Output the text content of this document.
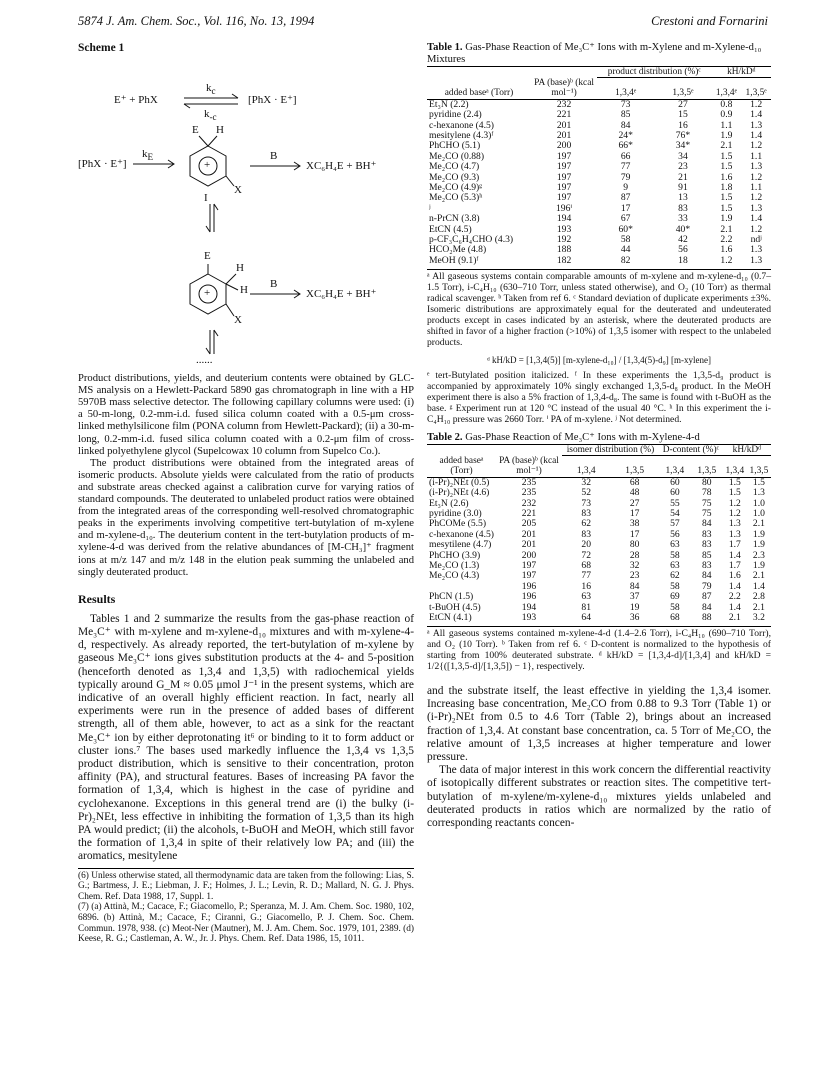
5874 J. Am. Chem. Soc., Vol. 116, No. 13, 1994	Crestoni and Fornarini
Scheme 1
E⁺ + PhX
$k_c$
$k_{-c}$
[PhX · E⁺]
[PhX · E⁺]
$k_E$
E H
+
X
B
XC₆H₄E + BH⁺
I
E
H
H
+
X
B
XC₆H₄E + BH⁺
......

Product distributions, yields, and deuterium contents were obtained by GLC-MS analysis on a Hewlett-Packard 5890 gas chromatograph in line with a HP 5970B mass selective detector. The following capillary columns were used: (i) a 50-m-long, 0.2-mm-i.d. fused silica column coated with a 0.5-μm cross-linked methylsilicone film (PONA column from Hewlett-Packard); (ii) a 30-m-long, 0.2-mm-i.d. fused silica column coated with a 0.2-μm film of cross-linked polyethylene glycol (Supelcowax 10 column from Supelco Co.).

The product distributions were obtained from the integrated areas of isomeric products. Absolute yields were calculated from the ratio of products and substrate areas checked against a calibration curve for varying ratios of standard compounds. The deuterated to unlabeled product ratios were obtained from the integrated areas of the corresponding well-resolved chromatographic peaks in the experiments involving competitive tert-butylation of m-xylene and m-xylene-d₁₀. The deuterium content in the tert-butylation products of m-xylene-4-d was derived from the relative abundances of [M-CH₃]⁺ fragment ions at m/z 147 and m/z 148 in the elution peak summing the unlabeled and singly deuterated product.

Results

Tables 1 and 2 summarize the results from the gas-phase reaction of Me₃C⁺ with m-xylene and m-xylene-d₁₀ mixtures and with m-xylene-4-d, respectively. As already reported, the tert-butylation of m-xylene by gaseous Me₃C⁺ ions gives substitution products at the 4- and 5-position (henceforth denoted as 1,3,4 and 1,3,5) with radiochemical yields typically around G_M ≈ 0.05 μmol J⁻¹ in the present systems, which are indicative of an overall highly efficient reaction. In fact, nearly all experiments were run in the presence of added bases of different strength, all of them able, however, to act as a sink for the reactant Me₃C⁺ ion by either deprotonating it⁶ or binding to it to form adduct or cluster ions.⁷ The bases used markedly influence the 1,3,4 vs 1,3,5 product distribution, which is sensitive to their concentration, proton affinity (PA), and structural features. Bases of increasing PA favor the formation of 1,3,4, which is highest in the case of pyridine and cyclohexanone. Exceptions in this general trend are (i) the bulky (i-Pr)₂NEt, less effective in inhibiting the formation of 1,3,5 than its high PA would predict; (ii) the alcohols, t-BuOH and MeOH, which still favor the formation of 1,3,4 in spite of their relatively low PA; and (iii) the aromatics, mesitylene

(6) Unless otherwise stated, all thermodynamic data are taken from the following: Lias, S. G.; Bartmess, J. E.; Liebman, J. F.; Holmes, J. L.; Levin, R. D.; Mallard, N. G. J. Phys. Chem. Ref. Data 1988, 17, Suppl. 1.

(7) (a) Attinà, M.; Cacace, F.; Giacomello, P.; Speranza, M. J. Am. Chem. Soc. 1980, 102, 6896. (b) Attinà, M.; Cacace, F.; Ciranni, G.; Giacomello, P. J. Chem. Soc. Chem. Commun. 1978, 938. (c) Meot-Ner (Mautner), M. J. Am. Chem. Soc. 1979, 101, 2389. (d) Keese, R. G.; Castleman, A. W., Jr. J. Phys. Chem. Ref. Data 1986, 15, 1011.

Table 1. Gas-Phase Reaction of Me₃C⁺ Ions with m-Xylene and m-Xylene-d₁₀ Mixtures
		product distribution (%)ᶜ		kH/kDᵈ	
added baseᵃ (Torr)	PA (base)ᵇ (kcal mol⁻¹)	1,3,4ᵉ	1,3,5ᵉ	1,3,4ᵉ	1,3,5ᵉ
Et₃N (2.2)	232	73	27	0.8	1.2
pyridine (2.4)	221	85	15	0.9	1.4
c-hexanone (4.5)	201	84	16	1.1	1.3
mesitylene (4.3)ᶠ	201	24*	76*	1.9	1.4
PhCHO (5.1)	200	66*	34*	2.1	1.2
Me₂CO (0.88)	197	66	34	1.5	1.1
Me₂CO (4.7)	197	77	23	1.5	1.3
Me₂CO (9.3)	197	79	21	1.6	1.2
Me₂CO (4.9)ᵍ	197	9	91	1.8	1.1
Me₂CO (5.3)ʰ	197	87	13	1.5	1.2
ʲ	196ⁱ	17	83	1.5	1.3
n-PrCN (3.8)	194	67	33	1.9	1.4
EtCN (4.5)	193	60*	40*	2.1	1.2
p-CF₃C₆H₄CHO (4.3)	192	58	42	2.2	ndʲ
HCO₂Me (4.8)	188	44	56	1.6	1.3
MeOH (9.1)ᶠ	182	82	18	1.2	1.3

ᵃ All gaseous systems contain comparable amounts of m-xylene and m-xylene-d₁₀ (0.7–1.5 Torr), i-C₄H₁₀ (630–710 Torr, unless stated otherwise), and O₂ (10 Torr) as thermal radical scavenger. ᵇ Taken from ref 6. ᶜ Standard deviation of duplicate experiments ±3%. Isomeric distributions are approximately equal for the deuterated and undeuterated products except in cases indicated by an asterisk, where the deuterated products are shifted in favor of a higher fraction (>10%) of 1,3,5 isomer with respect to the unlabeled products.

ᵈ kH/kD = [1,3,4(5)] [m-xylene-d₁₀] / [1,3,4(5)-d₉] [m-xylene]

ᵉ tert-Butylated position italicized. ᶠ In these experiments the 1,3,5-d₉ product is accompanied by approximately 10% singly exchanged 1,3,5-d₈ product. In the MeOH experiment there is also a 5% fraction of 1,3,4-d₈. The same is found with t-BuOH as the base. ᵍ Experiment run at 120 °C instead of the usual 40 °C. ʰ In this experiment the i-C₄H₁₀ pressure was 2660 Torr. ⁱ PA of m-xylene. ʲ Not determined.

Table 2. Gas-Phase Reaction of Me₃C⁺ Ions with m-Xylene-4-d
		isomer distribution (%)		D-content (%)ᶜ		kH/kDᵈ	
added baseᵃ (Torr)	PA (base)ᵇ (kcal mol⁻¹)	1,3,4	1,3,5	1,3,4	1,3,5	1,3,4	1,3,5
(i-Pr)₂NEt (0.5)	235	32	68	60	80	1.5	1.5
(i-Pr)₂NEt (4.6)	235	52	48	60	78	1.5	1.3
Et₃N (2.6)	232	73	27	55	75	1.2	1.0
pyridine (3.0)	221	83	17	54	75	1.2	1.0
PhCOMe (5.5)	205	62	38	57	84	1.3	2.1
c-hexanone (4.5)	201	83	17	56	83	1.3	1.9
mesytilene (4.7)	201	20	80	63	83	1.7	1.9
PhCHO (3.9)	200	72	28	58	85	1.4	2.3
Me₂CO (1.3)	197	68	32	63	83	1.7	1.9
Me₂CO (4.3)	197	77	23	62	84	1.6	2.1
	196	16	84	58	79	1.4	1.4
PhCN (1.5)	196	63	37	69	87	2.2	2.8
t-BuOH (4.5)	194	81	19	58	84	1.4	2.1
EtCN (4.1)	193	64	36	68	88	2.1	3.2

ᵃ All gaseous systems contained m-xylene-4-d (1.4–2.6 Torr), i-C₄H₁₀ (690–710 Torr), and O₂ (10 Torr). ᵇ Taken from ref 6. ᶜ D-content is normalized to the hypothesis of starting from 100% deuterated substrate. ᵈ kH/kD = [1,3,4-d]/[1,3,4] and kH/kD = 1/2{([1,3,5-d]/[1,3,5]) − 1}, respectively.

and the substrate itself, the least effective in yielding the 1,3,4 isomer. Increasing base concentration, Me₂CO from 0.88 to 9.3 Torr (Table 1) or (i-Pr)₂NEt from 0.5 to 4.6 Torr (Table 2), brings about an increased fraction of 1,3,4. At constant base concentration, ca. 5 Torr of Me₂CO, the relative amount of 1,3,5 increases at higher temperature and lower pressure.

The data of major interest in this work concern the differential reactivity of isotopically different substrates or reaction sites. The competitive tert-butylation of m-xylene/m-xylene-d₁₀ mixtures yields unlabeled and deuterated products in ratios which are normalized by the ratio of corresponding reactants concen-
